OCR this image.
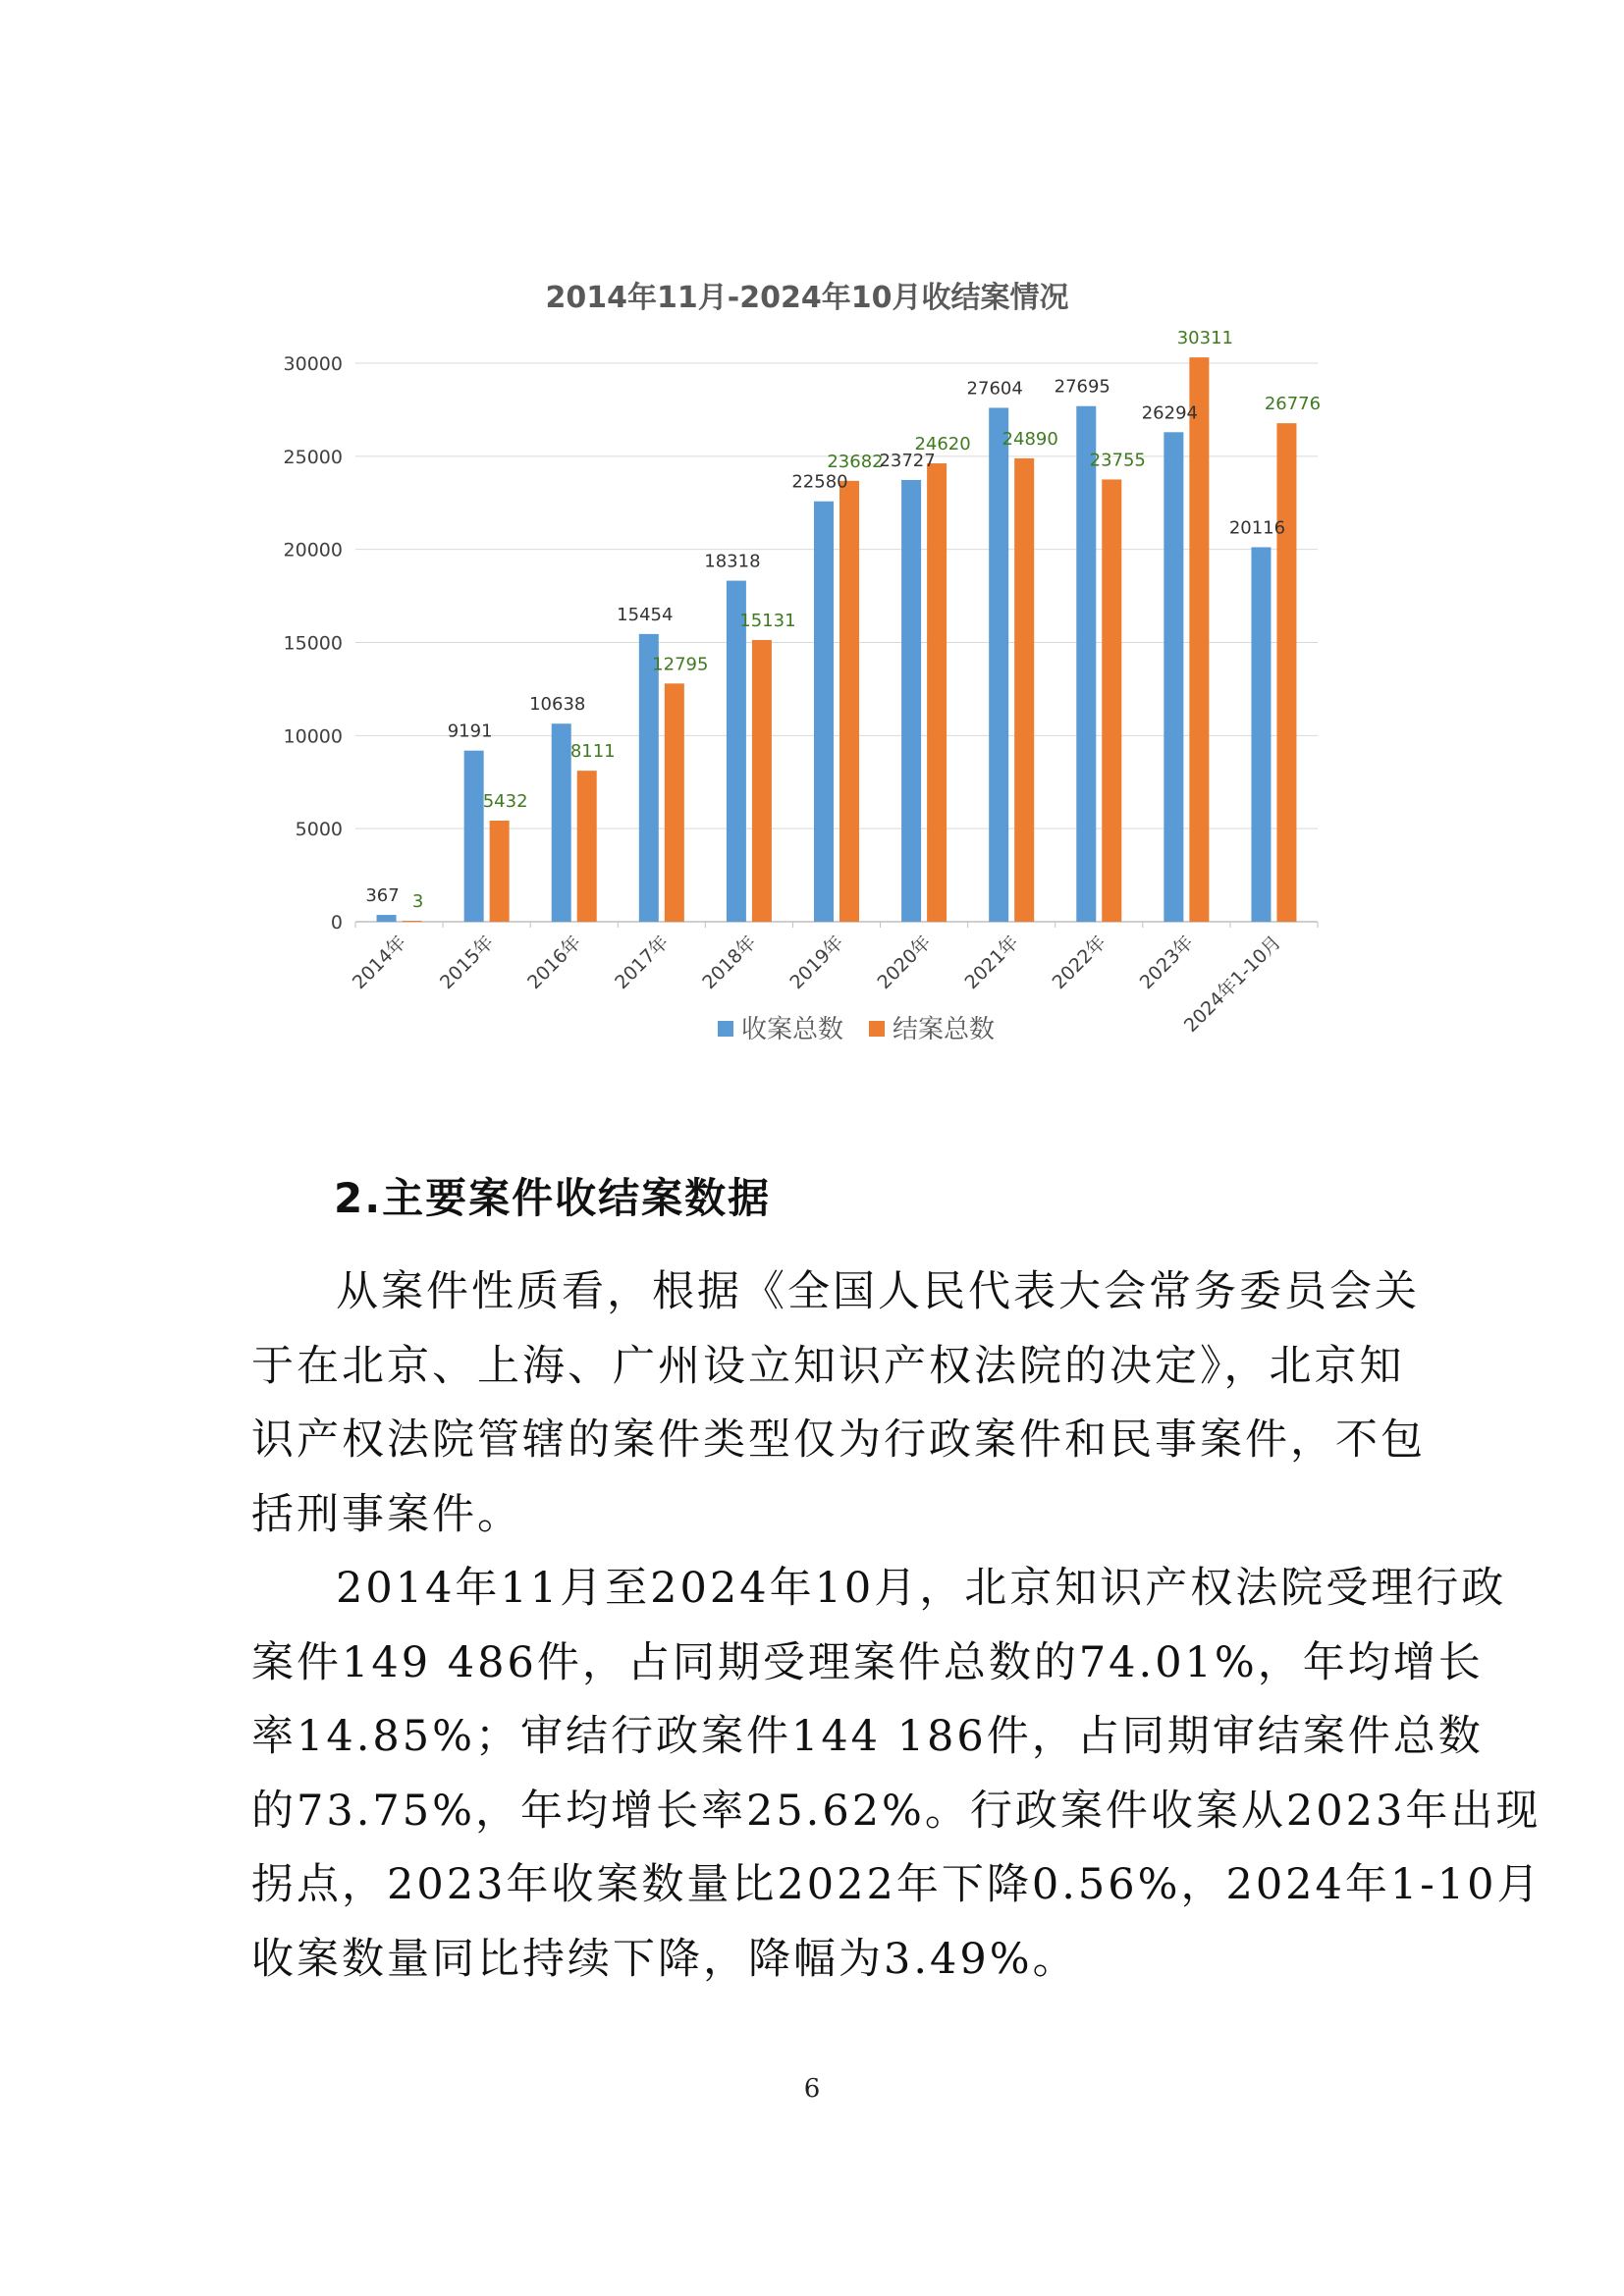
2014年11月-2024年10月收结案情况
0
5000
10000
15000
20000
25000
30000
367 3
9191
5432
10638
8111
15454
12795
18318
15131
22580
23682
23727
24620
27604
24890
27695
23755
26294
30311
20116
26776
2014年 2015年 2016年 2017年 2018年 2019年 2020年 2021年 2022年 2023年
2024年1-10月
收案总数 结案总数
2.主要案件收结案数据
从案件性质看，根据《全国人民代表大会常务委员会关
于在北京、上海、广州设立知识产权法院的决定》，北京知
识产权法院管辖的案件类型仅为行政案件和民事案件，不包
括刑事案件。
2014年11月至2024年10月，北京知识产权法院受理行政
案件149 486件，占同期受理案件总数的74.01%，年均增长
率14.85%；审结行政案件144 186件，占同期审结案件总数
的73.75%，年均增长率25.62%。行政案件收案从2023年出现
拐点，2023年收案数量比2022年下降0.56%，2024年1-10月
收案数量同比持续下降，降幅为3.49%。
6
